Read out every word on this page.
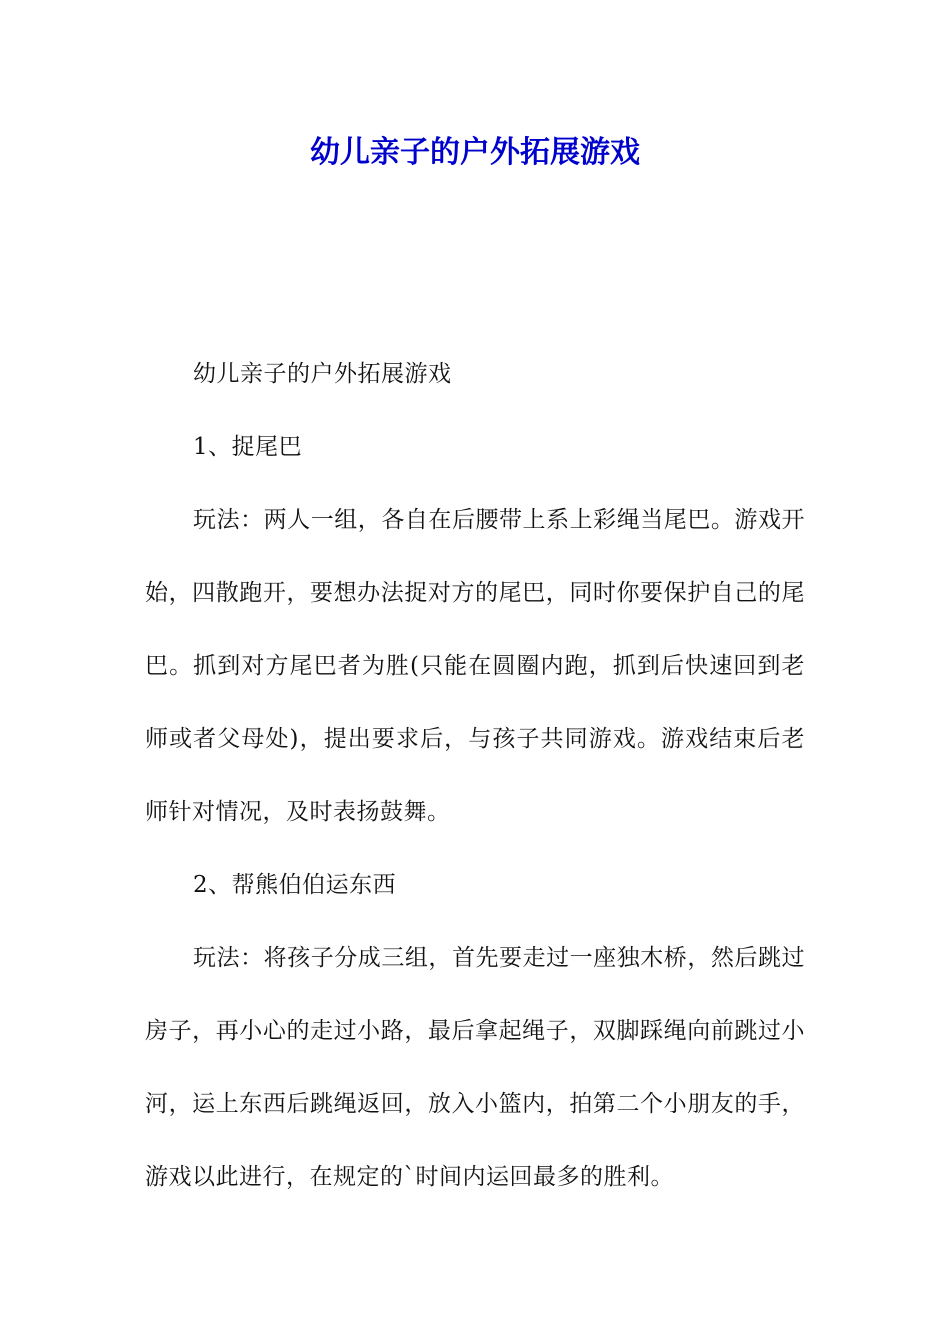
幼儿亲子的户外拓展游戏

幼儿亲子的户外拓展游戏

1、捉尾巴

玩法：两人一组，各自在后腰带上系上彩绳当尾巴。游戏开始，四散跑开，要想办法捉对方的尾巴，同时你要保护自己的尾巴。抓到对方尾巴者为胜(只能在圆圈内跑，抓到后快速回到老师或者父母处)，提出要求后，与孩子共同游戏。游戏结束后老师针对情况，及时表扬鼓舞。

2、帮熊伯伯运东西

玩法：将孩子分成三组，首先要走过一座独木桥，然后跳过房子，再小心的走过小路，最后拿起绳子，双脚踩绳向前跳过小河，运上东西后跳绳返回，放入小篮内，拍第二个小朋友的手，游戏以此进行，在规定的`时间内运回最多的胜利。
